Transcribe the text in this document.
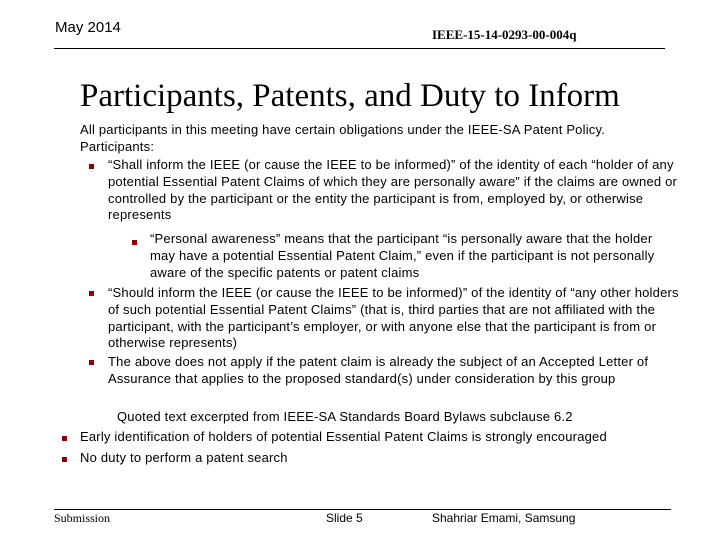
May 2014	IEEE-15-14-0293-00-004q
Participants, Patents, and Duty to Inform

All participants in this meeting have certain obligations under the IEEE-SA Patent Policy.

Participants:

“Shall inform the IEEE (or cause the IEEE to be informed)” of the identity of each “holder of any potential Essential Patent Claims of which they are personally aware” if the claims are owned or controlled by the participant or the entity the participant is from, employed by, or otherwise represents

“Personal awareness” means that the participant “is personally aware that the holder may have a potential Essential Patent Claim,” even if the participant is not personally aware of the specific patents or patent claims

“Should inform the IEEE (or cause the IEEE to be informed)” of the identity of “any other holders of such potential Essential Patent Claims” (that is, third parties that are not affiliated with the participant, with the participant’s employer, or with anyone else that the participant is from or otherwise represents)

The above does not apply if the patent claim is already the subject of an Accepted Letter of Assurance that applies to the proposed standard(s) under consideration by this group

Quoted text excerpted from IEEE-SA Standards Board Bylaws subclause 6.2

Early identification of holders of potential Essential Patent Claims is strongly encouraged

No duty to perform a patent search

Submission	Slide 5	Shahriar Emami, Samsung
